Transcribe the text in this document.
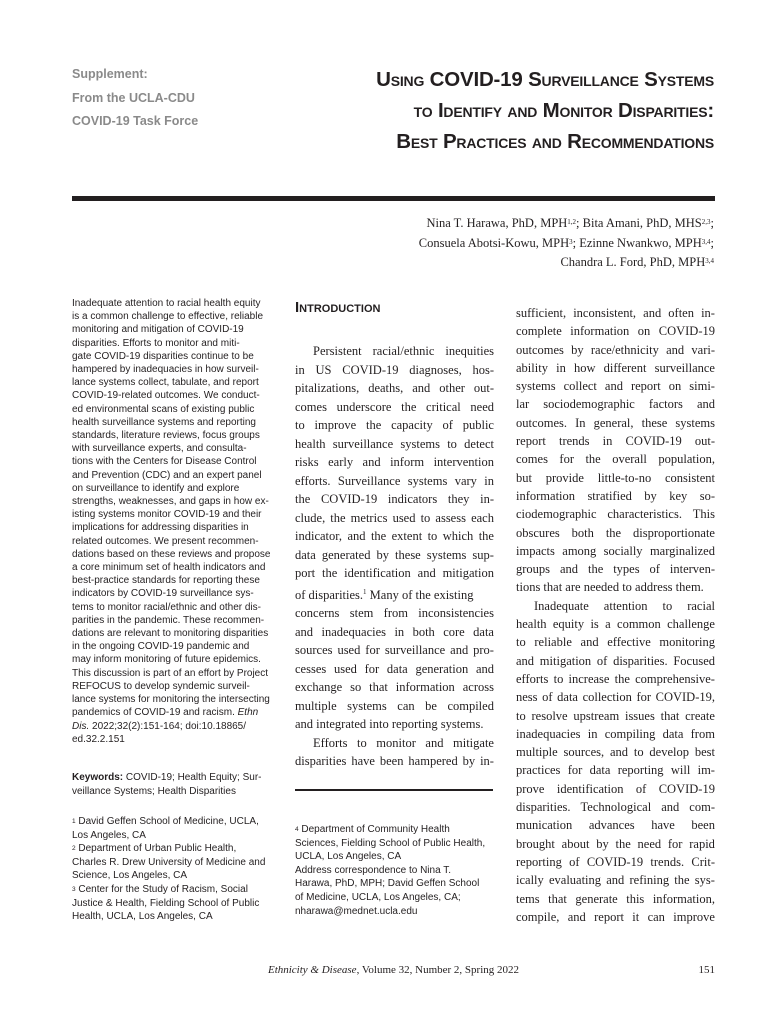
Supplement:
From the UCLA-CDU
COVID-19 Task Force
Using COVID-19 Surveillance Systems
to Identify and Monitor Disparities:
Best Practices and Recommendations
Nina T. Harawa, PhD, MPH$^{1,2}$; Bita Amani, PhD, MHS$^{2,3}$;
Consuela Abotsi-Kowu, MPH$^3$; Ezinne Nwankwo, MPH$^{3,4}$;
Chandra L. Ford, PhD, MPH$^{3,4}$
Inadequate attention to racial health equity
is a common challenge to effective, reliable
monitoring and mitigation of COVID-19
disparities. Efforts to monitor and miti-
gate COVID-19 disparities continue to be
hampered by inadequacies in how surveil-
lance systems collect, tabulate, and report
COVID-19-related outcomes. We conduct-
ed environmental scans of existing public
health surveillance systems and reporting
standards, literature reviews, focus groups
with surveillance experts, and consulta-
tions with the Centers for Disease Control
and Prevention (CDC) and an expert panel
on surveillance to identify and explore
strengths, weaknesses, and gaps in how ex-
isting systems monitor COVID-19 and their
implications for addressing disparities in
related outcomes. We present recommen-
dations based on these reviews and propose
a core minimum set of health indicators and
best-practice standards for reporting these
indicators by COVID-19 surveillance sys-
tems to monitor racial/ethnic and other dis-
parities in the pandemic. These recommen-
dations are relevant to monitoring disparities
in the ongoing COVID-19 pandemic and
may inform monitoring of future epidemics.
This discussion is part of an effort by Project
REFOCUS to develop syndemic surveil-
lance systems for monitoring the intersecting
pandemics of COVID-19 and racism. Ethn
Dis. 2022;32(2):151-164; doi:10.18865/
ed.32.2.151
Keywords: COVID-19; Health Equity; Sur-
veillance Systems; Health Disparities
$^1$ David Geffen School of Medicine, UCLA,
Los Angeles, CA
$^2$ Department of Urban Public Health,
Charles R. Drew University of Medicine and
Science, Los Angeles, CA
$^3$ Center for the Study of Racism, Social
Justice & Health, Fielding School of Public
Health, UCLA, Los Angeles, CA
Introduction
Persistent racial/ethnic inequities
in US COVID-19 diagnoses, hos-
pitalizations, deaths, and other out-
comes underscore the critical need
to improve the capacity of public
health surveillance systems to detect
risks early and inform intervention
efforts. Surveillance systems vary in
the COVID-19 indicators they in-
clude, the metrics used to assess each
indicator, and the extent to which the
data generated by these systems sup-
port the identification and mitigation
of disparities.$^1$ Many of the existing
concerns stem from inconsistencies
and inadequacies in both core data
sources used for surveillance and pro-
cesses used for data generation and
exchange so that information across
multiple systems can be compiled
and integrated into reporting systems.
Efforts to monitor and mitigate
disparities have been hampered by in-
$^4$ Department of Community Health
Sciences, Fielding School of Public Health,
UCLA, Los Angeles, CA
Address correspondence to Nina T.
Harawa, PhD, MPH; David Geffen School
of Medicine, UCLA, Los Angeles, CA;
nharawa@mednet.ucla.edu
sufficient, inconsistent, and often in-
complete information on COVID-19
outcomes by race/ethnicity and vari-
ability in how different surveillance
systems collect and report on simi-
lar sociodemographic factors and
outcomes. In general, these systems
report trends in COVID-19 out-
comes for the overall population,
but provide little-to-no consistent
information stratified by key so-
ciodemographic characteristics. This
obscures both the disproportionate
impacts among socially marginalized
groups and the types of interven-
tions that are needed to address them.
Inadequate attention to racial
health equity is a common challenge
to reliable and effective monitoring
and mitigation of disparities. Focused
efforts to increase the comprehensive-
ness of data collection for COVID-19,
to resolve upstream issues that create
inadequacies in compiling data from
multiple sources, and to develop best
practices for data reporting will im-
prove identification of COVID-19
disparities. Technological and com-
munication advances have been
brought about by the need for rapid
reporting of COVID-19 trends. Crit-
ically evaluating and refining the sys-
tems that generate this information,
compile, and report it can improve
Ethnicity & Disease, Volume 32, Number 2, Spring 2022	151
